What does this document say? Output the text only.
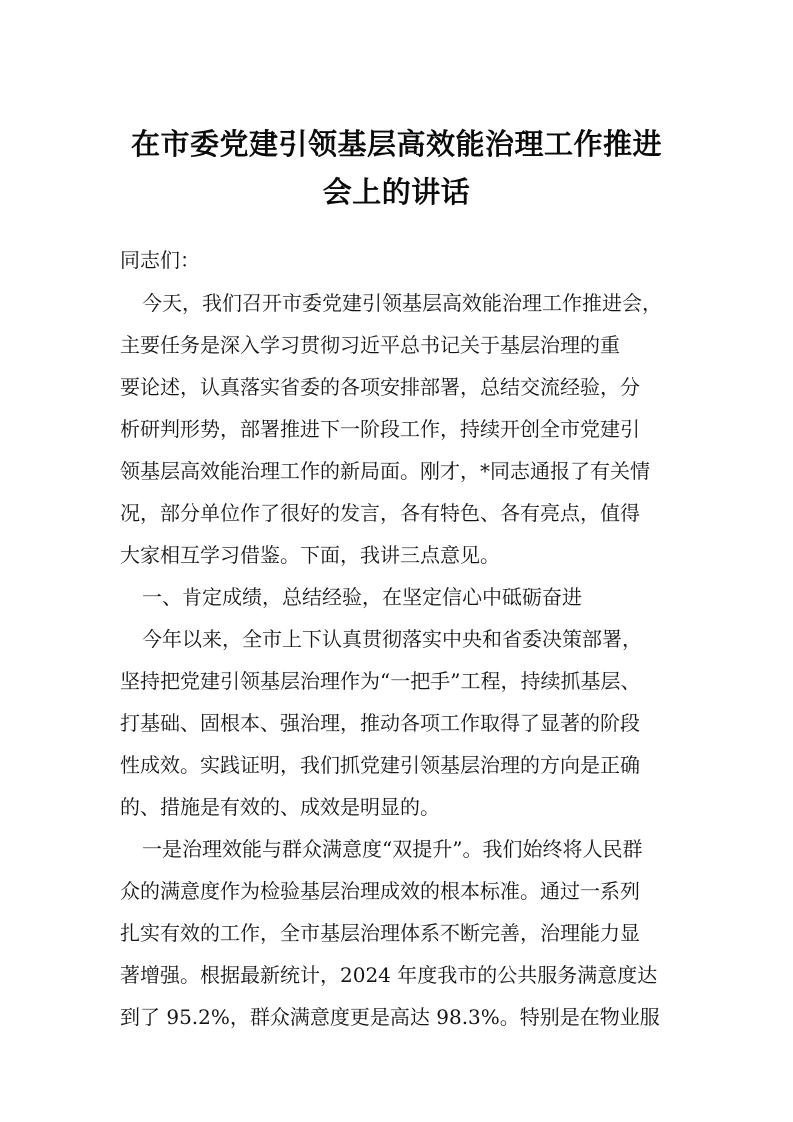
在市委党建引领基层高效能治理工作推进
会上的讲话

同志们：

今天，我们召开市委党建引领基层高效能治理工作推进会，

主要任务是深入学习贯彻习近平总书记关于基层治理的重

要论述，认真落实省委的各项安排部署，总结交流经验，分

析研判形势，部署推进下一阶段工作，持续开创全市党建引

领基层高效能治理工作的新局面。刚才，*同志通报了有关情

况，部分单位作了很好的发言，各有特色、各有亮点，值得

大家相互学习借鉴。下面，我讲三点意见。

一、肯定成绩，总结经验，在坚定信心中砥砺奋进

今年以来，全市上下认真贯彻落实中央和省委决策部署，

坚持把党建引领基层治理作为“一把手”工程，持续抓基层、

打基础、固根本、强治理，推动各项工作取得了显著的阶段

性成效。实践证明，我们抓党建引领基层治理的方向是正确

的、措施是有效的、成效是明显的。

一是治理效能与群众满意度“双提升”。我们始终将人民群

众的满意度作为检验基层治理成效的根本标准。通过一系列

扎实有效的工作，全市基层治理体系不断完善，治理能力显

著增强。根据最新统计，2024 年度我市的公共服务满意度达

到了 95.2%，群众满意度更是高达 98.3%。特别是在物业服
